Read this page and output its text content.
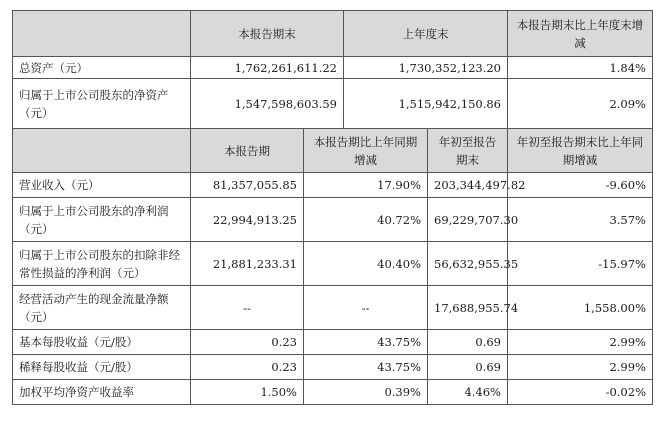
	本报告期末		上年度末		本报告期末比上年度末增减
总资产（元）	1,762,261,611.22		1,730,352,123.20		1.84%
归属于上市公司股东的净资产（元）	1,547,598,603.59		1,515,942,150.86		2.09%
	本报告期	本报告期比上年同期增减		年初至报告期末	年初至报告期末比上年同期增减
营业收入（元）	81,357,055.85	17.90%		203,344,497.82	-9.60%
归属于上市公司股东的净利润（元）	22,994,913.25	40.72%		69,229,707.30	3.57%
归属于上市公司股东的扣除非经常性损益的净利润（元）	21,881,233.31	40.40%		56,632,955.35	-15.97%
经营活动产生的现金流量净额（元）	--	--		17,688,955.74	1,558.00%
基本每股收益（元/股）	0.23	43.75%		0.69	2.99%
稀释每股收益（元/股）	0.23	43.75%		0.69	2.99%
加权平均净资产收益率	1.50%	0.39%		4.46%	-0.02%
